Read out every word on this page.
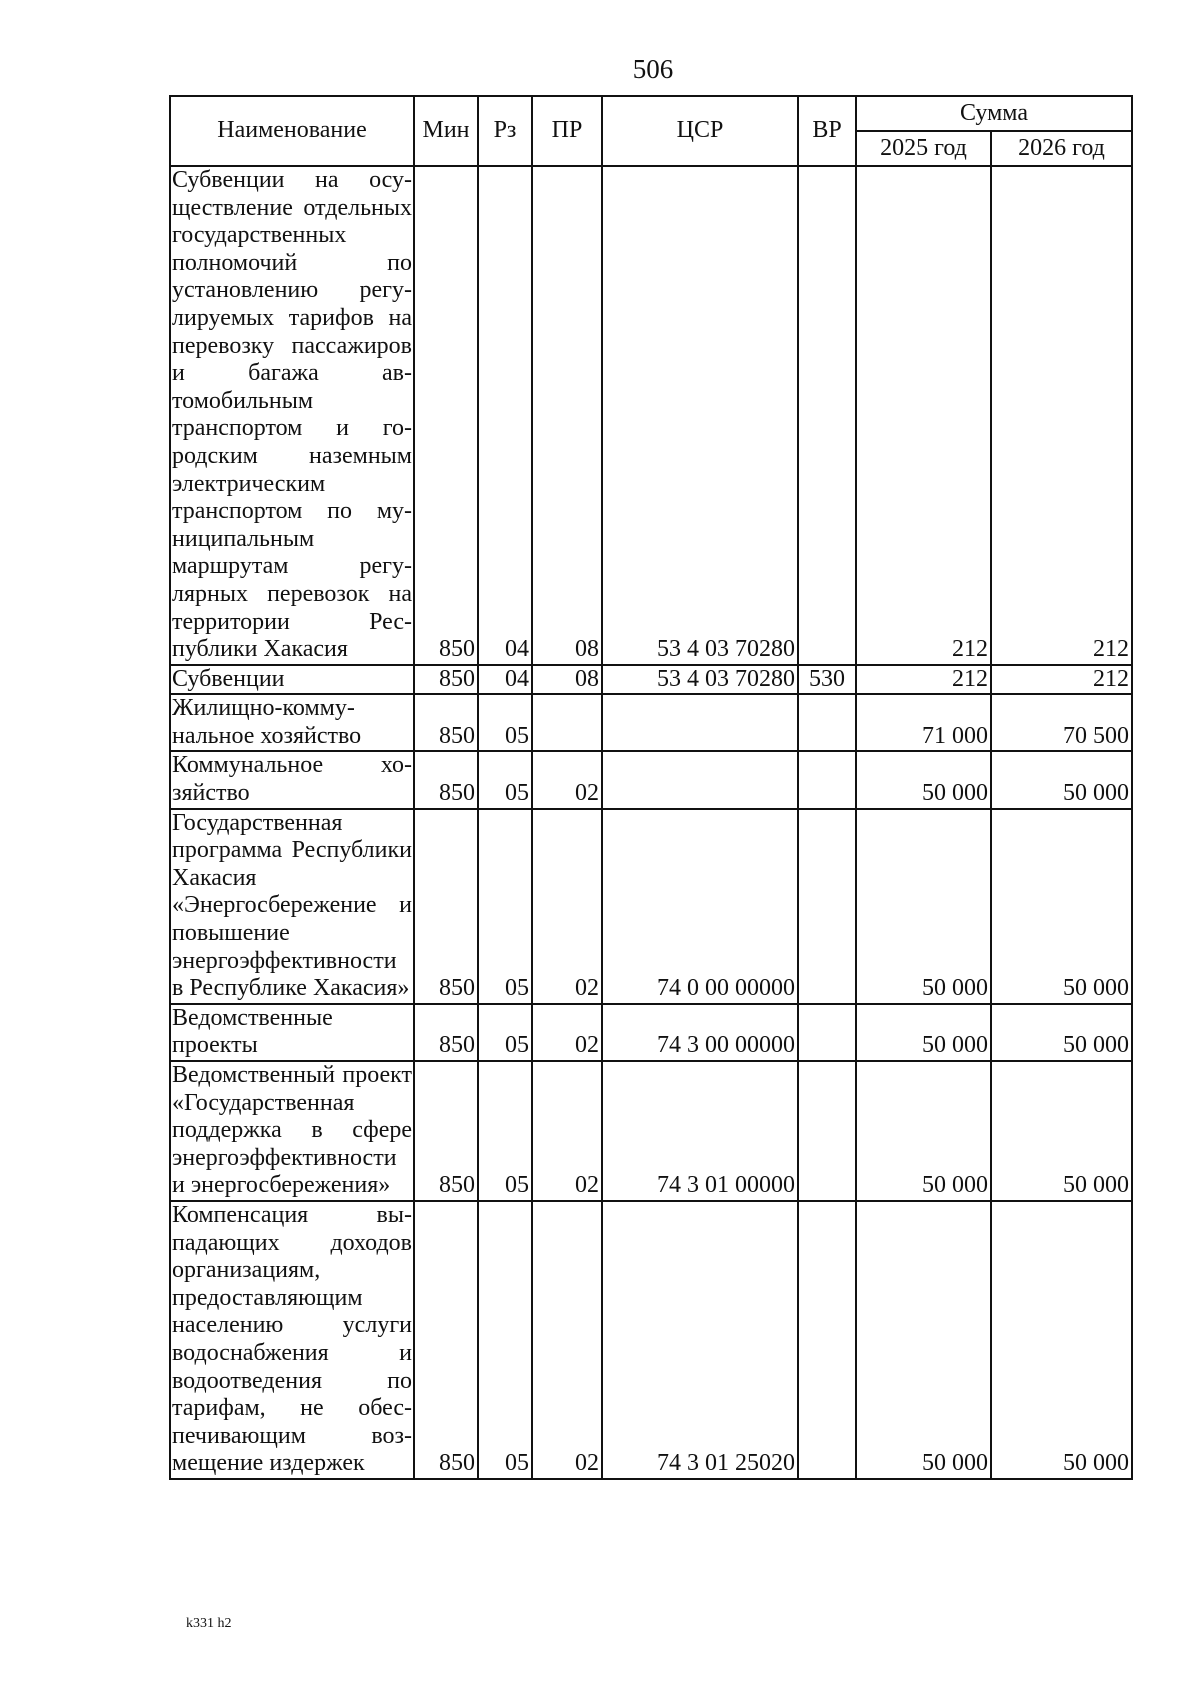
506
Наименование	Мин	Рз	ПР	ЦСР	ВР	Сумма	
						2025 год	2026 год
Субвенции на осуществление отдельных государственных полномочий по установлению регулируемых тарифов на перевозку пассажиров и багажа автомобильным транспортом и городским наземным электрическим транспортом по муниципальным маршрутам регулярных перевозок на территории Республики Хакасия	850	04	08	53 4 03 70280		212	212
Субвенции	850	04	08	53 4 03 70280	530	212	212
Жилищно-коммунальное хозяйство	850	05				71 000	70 500
Коммунальное хозяйство	850	05	02			50 000	50 000
Государственная программа Республики Хакасия «Энергосбережение и повышение энергоэффективности в Республике Хакасия»	850	05	02	74 0 00 00000		50 000	50 000
Ведомственные проекты	850	05	02	74 3 00 00000		50 000	50 000
Ведомственный проект «Государственная поддержка в сфере энергоэффективности и энергосбережения»	850	05	02	74 3 01 00000		50 000	50 000
Компенсация выпадающих доходов организациям, предоставляющим населению услуги водоснабжения и водоотведения по тарифам, не обеспечивающим возмещение издержек	850	05	02	74 3 01 25020		50 000	50 000
k331 h2
